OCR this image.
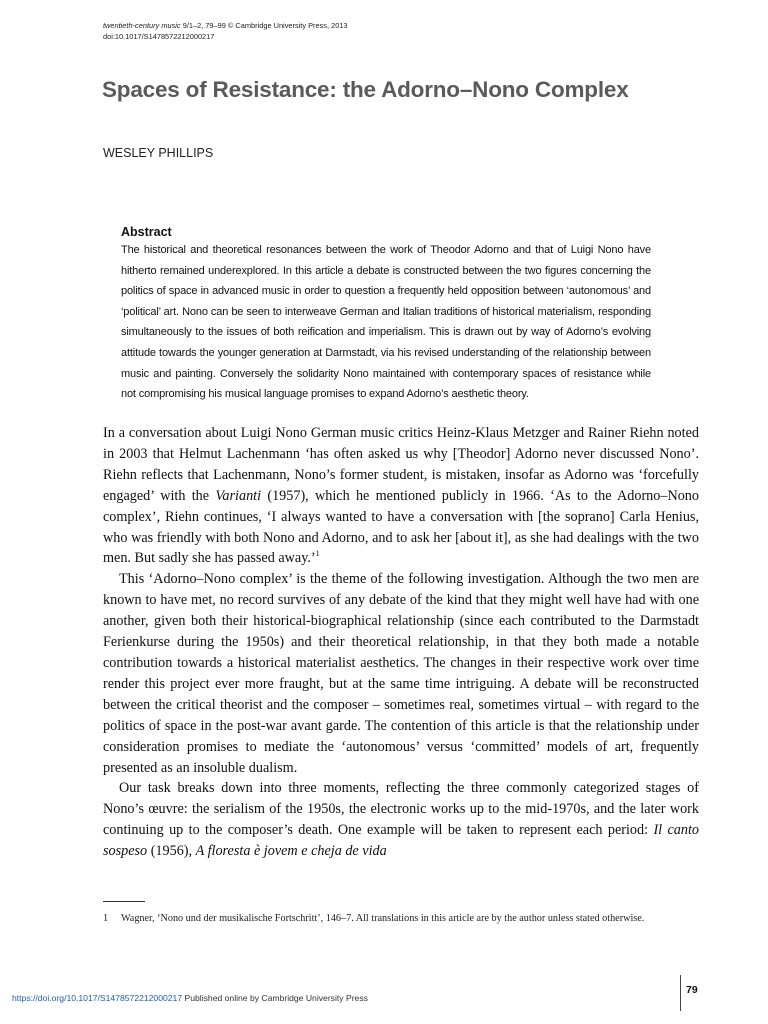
twentieth-century music 9/1–2, 79–99 © Cambridge University Press, 2013
doi:10.1017/S1478572212000217
Spaces of Resistance: the Adorno–Nono Complex
WESLEY PHILLIPS
Abstract
The historical and theoretical resonances between the work of Theodor Adorno and that of Luigi Nono have hitherto remained underexplored. In this article a debate is constructed between the two figures concerning the politics of space in advanced music in order to question a frequently held opposition between ‘autonomous’ and ‘political’ art. Nono can be seen to interweave German and Italian traditions of historical materialism, responding simultaneously to the issues of both reification and imperialism. This is drawn out by way of Adorno’s evolving attitude towards the younger generation at Darmstadt, via his revised understanding of the relationship between music and painting. Conversely the solidarity Nono maintained with contemporary spaces of resistance while not compromising his musical language promises to expand Adorno’s aesthetic theory.

In a conversation about Luigi Nono German music critics Heinz-Klaus Metzger and Rainer Riehn noted in 2003 that Helmut Lachenmann ‘has often asked us why [Theodor] Adorno never discussed Nono’. Riehn reflects that Lachenmann, Nono’s former student, is mistaken, insofar as Adorno was ‘forcefully engaged’ with the Varianti (1957), which he mentioned publicly in 1966. ‘As to the Adorno–Nono complex’, Riehn continues, ‘I always wanted to have a conversation with [the soprano] Carla Henius, who was friendly with both Nono and Adorno, and to ask her [about it], as she had dealings with the two men. But sadly she has passed away.’$^1$

This ‘Adorno–Nono complex’ is the theme of the following investigation. Although the two men are known to have met, no record survives of any debate of the kind that they might well have had with one another, given both their historical-biographical relationship (since each contributed to the Darmstadt Ferienkurse during the 1950s) and their theoretical relationship, in that they both made a notable contribution towards a historical materialist aesthetics. The changes in their respective work over time render this project ever more fraught, but at the same time intriguing. A debate will be reconstructed between the critical theorist and the composer – sometimes real, sometimes virtual – with regard to the politics of space in the post-war avant garde. The contention of this article is that the relationship under consideration promises to mediate the ‘autonomous’ versus ‘committed’ models of art, frequently presented as an insoluble dualism.

Our task breaks down into three moments, reflecting the three commonly categorized stages of Nono’s œuvre: the serialism of the 1950s, the electronic works up to the mid-1970s, and the later work continuing up to the composer’s death. One example will be taken to represent each period: Il canto sospeso (1956), A floresta è jovem e cheja de vida

1 Wagner, ‘Nono und der musikalische Fortschritt’, 146–7. All translations in this article are by the author unless stated otherwise.
79
https://doi.org/10.1017/S1478572212000217 Published online by Cambridge University Press
